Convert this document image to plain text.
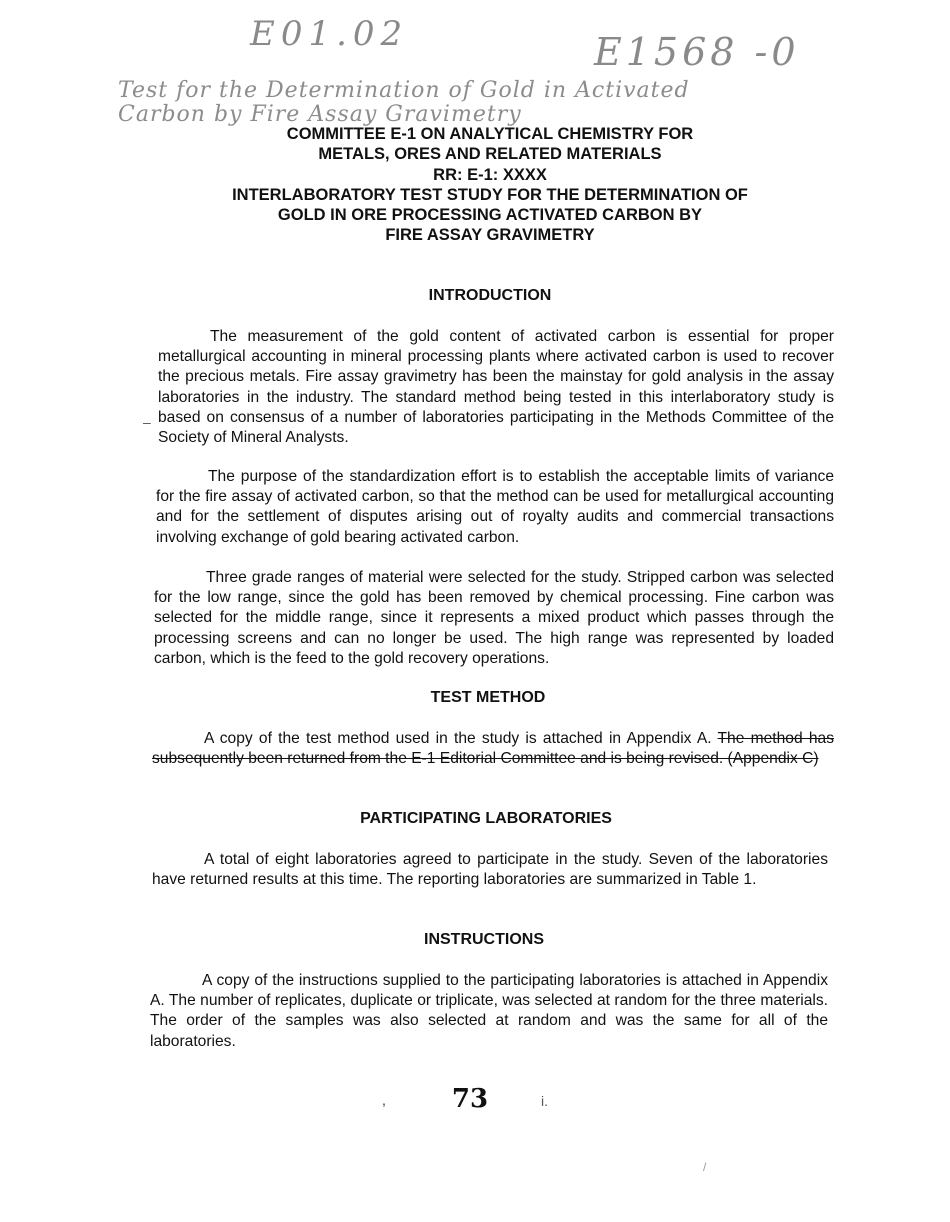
E01.02	E1568 -0
Test for the Determination of Gold in Activated
Carbon by Fire Assay Gravimetry
COMMITTEE E-1 ON ANALYTICAL CHEMISTRY FOR
METALS, ORES AND RELATED MATERIALS
RR: E-1: XXXX
INTERLABORATORY TEST STUDY FOR THE DETERMINATION OF
GOLD IN ORE PROCESSING ACTIVATED CARBON BY
FIRE ASSAY GRAVIMETRY
INTRODUCTION

The measurement of the gold content of activated carbon is essential for proper metallurgical accounting in mineral processing plants where activated carbon is used to recover the precious metals. Fire assay gravimetry has been the mainstay for gold analysis in the assay laboratories in the industry. The standard method being tested in this interlaboratory study is based on consensus of a number of laboratories participating in the Methods Committee of the Society of Mineral Analysts.

–

The purpose of the standardization effort is to establish the acceptable limits of variance for the fire assay of activated carbon, so that the method can be used for metallurgical accounting and for the settlement of disputes arising out of royalty audits and commercial transactions involving exchange of gold bearing activated carbon.

Three grade ranges of material were selected for the study. Stripped carbon was selected for the low range, since the gold has been removed by chemical processing. Fine carbon was selected for the middle range, since it represents a mixed product which passes through the processing screens and can no longer be used. The high range was represented by loaded carbon, which is the feed to the gold recovery operations.

TEST METHOD

A copy of the test method used in the study is attached in Appendix A. The method has subsequently been returned from the E-1 Editorial Committee and is being revised. (Appendix C)

PARTICIPATING LABORATORIES

A total of eight laboratories agreed to participate in the study. Seven of the laboratories have returned results at this time. The reporting laboratories are summarized in Table 1.

INSTRUCTIONS

A copy of the instructions supplied to the participating laboratories is attached in Appendix A. The number of replicates, duplicate or triplicate, was selected at random for the three materials. The order of the samples was also selected at random and was the same for all of the laboratories.

,	73	i.
/
